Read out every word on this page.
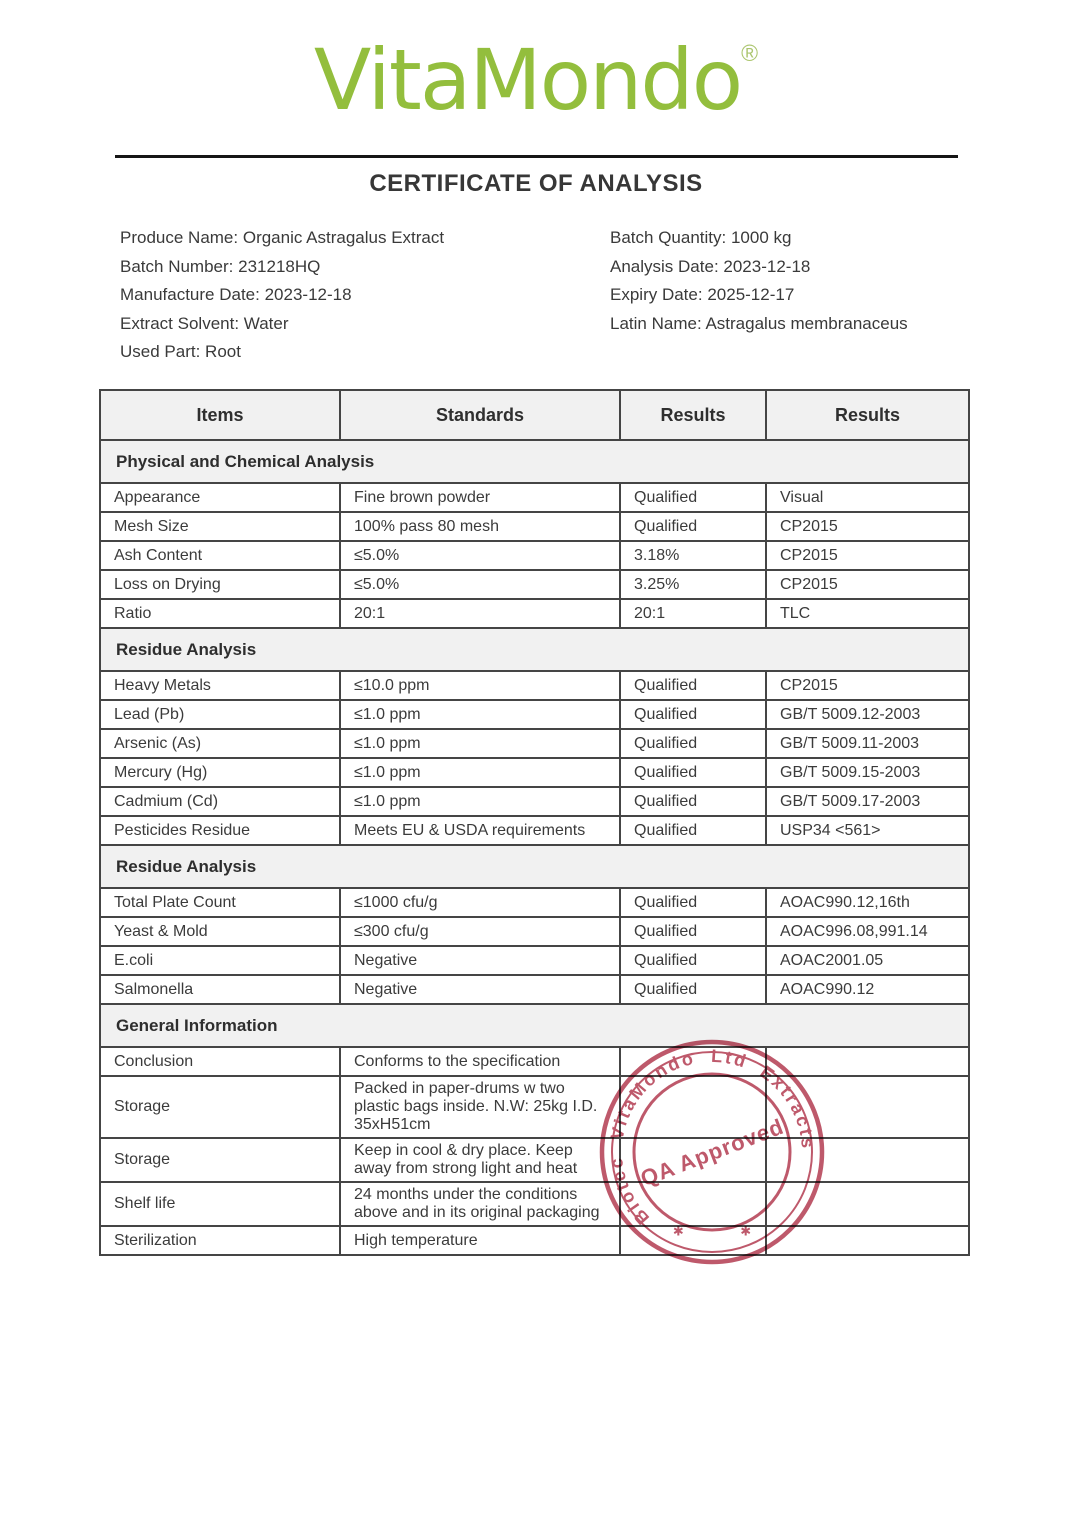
VitaMondo®
CERTIFICATE OF ANALYSIS
Produce Name: Organic Astragalus Extract
Batch Number: 231218HQ
Manufacture Date: 2023-12-18
Extract Solvent: Water
Used Part: Root
Batch Quantity: 1000 kg
Analysis Date: 2023-12-18
Expiry Date: 2025-12-17
Latin Name: Astragalus membranaceus
Items	Standards	Results	Results
Physical and Chemical Analysis			
Appearance	Fine brown powder	Qualified	Visual
Mesh Size	100% pass 80 mesh	Qualified	CP2015
Ash Content	≤5.0%	3.18%	CP2015
Loss on Drying	≤5.0%	3.25%	CP2015
Ratio	20:1	20:1	TLC
Residue Analysis			
Heavy Metals	≤10.0 ppm	Qualified	CP2015
Lead (Pb)	≤1.0 ppm	Qualified	GB/T 5009.12-2003
Arsenic (As)	≤1.0 ppm	Qualified	GB/T 5009.11-2003
Mercury (Hg)	≤1.0 ppm	Qualified	GB/T 5009.15-2003
Cadmium (Cd)	≤1.0 ppm	Qualified	GB/T 5009.17-2003
Pesticides Residue	Meets EU & USDA requirements	Qualified	USP34 <561>
Residue Analysis			
Total Plate Count	≤1000 cfu/g	Qualified	AOAC990.12,16th
Yeast & Mold	≤300 cfu/g	Qualified	AOAC996.08,991.14
E.coli	Negative	Qualified	AOAC2001.05
Salmonella	Negative	Qualified	AOAC990.12
General Information			
Conclusion	Conforms to the specification		
Storage	Packed in paper-drums w two plastic bags inside. N.W: 25kg I.D. 35xH51cm		
Storage	Keep in cool & dry place. Keep away from strong light and heat		
Shelf life	24 months under the conditions above and in its original packaging		
Sterilization	High temperature		
Biotec VitaMondo Ltd Extracts
✱
✱
QA Approved
